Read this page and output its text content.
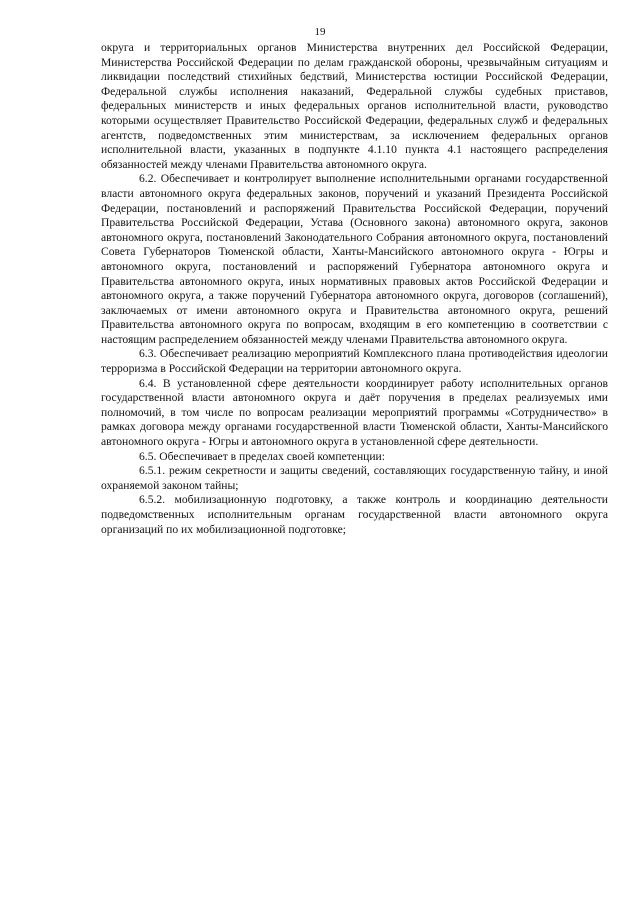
19

округа и территориальных органов Министерства внутренних дел Российской Федерации, Министерства Российской Федерации по делам гражданской обороны, чрезвычайным ситуациям и ликвидации последствий стихийных бедствий, Министерства юстиции Российской Федерации, Федеральной службы исполнения наказаний, Федеральной службы судебных приставов, федеральных министерств и иных федеральных органов исполнительной власти, руководство которыми осуществляет Правительство Российской Федерации, федеральных служб и федеральных агентств, подведомственных этим министерствам, за исключением федеральных органов исполнительной власти, указанных в подпункте 4.1.10 пункта 4.1 настоящего распределения обязанностей между членами Правительства автономного округа.

6.2. Обеспечивает и контролирует выполнение исполнительными органами государственной власти автономного округа федеральных законов, поручений и указаний Президента Российской Федерации, постановлений и распоряжений Правительства Российской Федерации, поручений Правительства Российской Федерации, Устава (Основного закона) автономного округа, законов автономного округа, постановлений Законодательного Собрания автономного округа, постановлений Совета Губернаторов Тюменской области, Ханты-Мансийского автономного округа - Югры и автономного округа, постановлений и распоряжений Губернатора автономного округа и Правительства автономного округа, иных нормативных правовых актов Российской Федерации и автономного округа, а также поручений Губернатора автономного округа, договоров (соглашений), заключаемых от имени автономного округа и Правительства автономного округа, решений Правительства автономного округа по вопросам, входящим в его компетенцию в соответствии с настоящим распределением обязанностей между членами Правительства автономного округа.

6.3. Обеспечивает реализацию мероприятий Комплексного плана противодействия идеологии терроризма в Российской Федерации на территории автономного округа.

6.4. В установленной сфере деятельности координирует работу исполнительных органов государственной власти автономного округа и даёт поручения в пределах реализуемых ими полномочий, в том числе по вопросам реализации мероприятий программы «Сотрудничество» в рамках договора между органами государственной власти Тюменской области, Ханты-Мансийского автономного округа - Югры и автономного округа в установленной сфере деятельности.

6.5. Обеспечивает в пределах своей компетенции:

6.5.1. режим секретности и защиты сведений, составляющих государственную тайну, и иной охраняемой законом тайны;

6.5.2. мобилизационную подготовку, а также контроль и координацию деятельности подведомственных исполнительным органам государственной власти автономного округа организаций по их мобилизационной подготовке;
